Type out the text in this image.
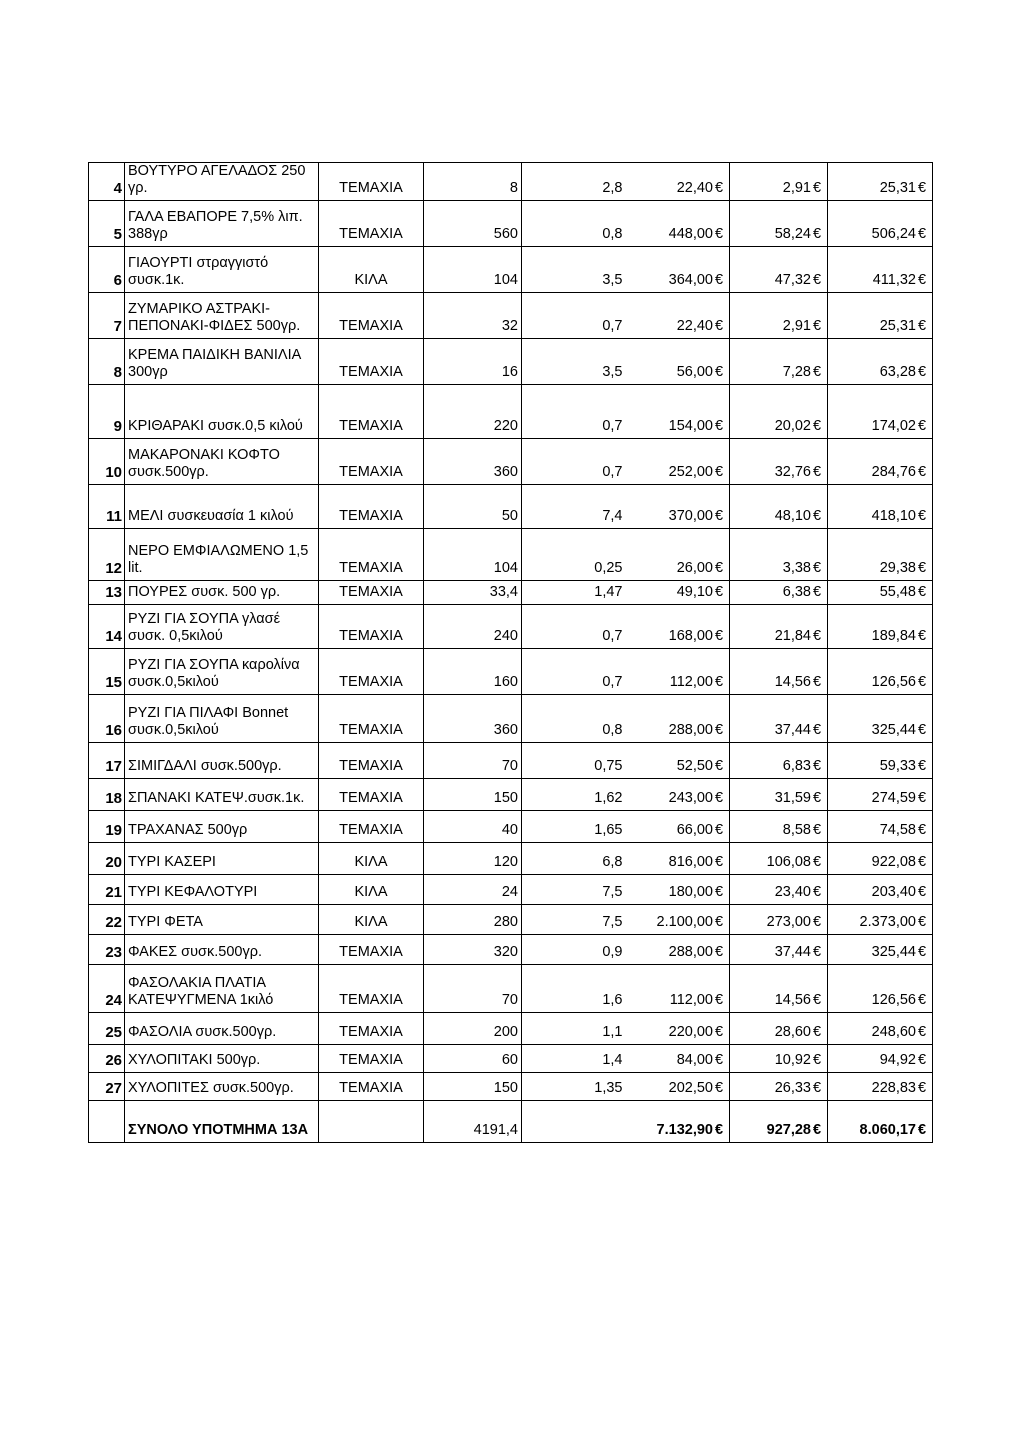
4	ΒΟΥΤΥΡΟ ΑΓΕΛΑΔΟΣ 250 γρ.	ΤΕΜΑΧΙΑ	8	2,8	22,40 €	2,91 €	25,31 €
5	ΓΑΛΑ ΕΒΑΠΟΡΕ 7,5% λιπ. 388γρ	ΤΕΜΑΧΙΑ	560	0,8	448,00 €	58,24 €	506,24 €
6	ΓΙΑΟΥΡΤΙ στραγγιστό συσκ.1κ.	ΚΙΛΑ	104	3,5	364,00 €	47,32 €	411,32 €
7	ΖΥΜΑΡΙΚΟ ΑΣΤΡΑΚΙ-ΠΕΠΟΝΑΚΙ-ΦΙΔΕΣ 500γρ.	ΤΕΜΑΧΙΑ	32	0,7	22,40 €	2,91 €	25,31 €
8	ΚΡΕΜΑ ΠΑΙΔΙΚΗ ΒΑΝΙΛΙΑ 300γρ	ΤΕΜΑΧΙΑ	16	3,5	56,00 €	7,28 €	63,28 €
9	ΚΡΙΘΑΡΑΚΙ συσκ.0,5 κιλού	ΤΕΜΑΧΙΑ	220	0,7	154,00 €	20,02 €	174,02 €
10	ΜΑΚΑΡΟΝΑΚΙ ΚΟΦΤΟ συσκ.500γρ.	ΤΕΜΑΧΙΑ	360	0,7	252,00 €	32,76 €	284,76 €
11	ΜΕΛΙ συσκευασία 1 κιλού	ΤΕΜΑΧΙΑ	50	7,4	370,00 €	48,10 €	418,10 €
12	ΝΕΡΟ ΕΜΦΙΑΛΩΜΕΝΟ 1,5 lit.	ΤΕΜΑΧΙΑ	104	0,25	26,00 €	3,38 €	29,38 €
13	ΠΟΥΡΕΣ συσκ. 500 γρ.	ΤΕΜΑΧΙΑ	33,4	1,47	49,10 €	6,38 €	55,48 €
14	ΡΥΖΙ ΓΙΑ ΣΟΥΠΑ γλασέ συσκ. 0,5κιλού	ΤΕΜΑΧΙΑ	240	0,7	168,00 €	21,84 €	189,84 €
15	ΡΥΖΙ ΓΙΑ ΣΟΥΠΑ καρολίνα συσκ.0,5κιλού	ΤΕΜΑΧΙΑ	160	0,7	112,00 €	14,56 €	126,56 €
16	ΡΥΖΙ ΓΙΑ ΠΙΛΑΦΙ Bonnet συσκ.0,5κιλού	ΤΕΜΑΧΙΑ	360	0,8	288,00 €	37,44 €	325,44 €
17	ΣΙΜΙΓΔΑΛΙ συσκ.500γρ.	ΤΕΜΑΧΙΑ	70	0,75	52,50 €	6,83 €	59,33 €
18	ΣΠΑΝΑΚΙ ΚΑΤΕΨ.συσκ.1κ.	ΤΕΜΑΧΙΑ	150	1,62	243,00 €	31,59 €	274,59 €
19	ΤΡΑΧΑΝΑΣ 500γρ	ΤΕΜΑΧΙΑ	40	1,65	66,00 €	8,58 €	74,58 €
20	ΤΥΡΙ ΚΑΣΕΡΙ	ΚΙΛΑ	120	6,8	816,00 €	106,08 €	922,08 €
21	ΤΥΡΙ ΚΕΦΑΛΟΤΥΡΙ	ΚΙΛΑ	24	7,5	180,00 €	23,40 €	203,40 €
22	ΤΥΡΙ ΦΕΤΑ	ΚΙΛΑ	280	7,5	2.100,00 €	273,00 €	2.373,00 €
23	ΦΑΚΕΣ συσκ.500γρ.	ΤΕΜΑΧΙΑ	320	0,9	288,00 €	37,44 €	325,44 €
24	ΦΑΣΟΛΑΚΙΑ ΠΛΑΤΙΑ ΚΑΤΕΨΥΓΜΕΝΑ 1κιλό	ΤΕΜΑΧΙΑ	70	1,6	112,00 €	14,56 €	126,56 €
25	ΦΑΣΟΛΙΑ συσκ.500γρ.	ΤΕΜΑΧΙΑ	200	1,1	220,00 €	28,60 €	248,60 €
26	ΧΥΛΟΠΙΤΑΚΙ 500γρ.	ΤΕΜΑΧΙΑ	60	1,4	84,00 €	10,92 €	94,92 €
27	ΧΥΛΟΠΙΤΕΣ συσκ.500γρ.	ΤΕΜΑΧΙΑ	150	1,35	202,50 €	26,33 €	228,83 €
	ΣΥΝΟΛΟ ΥΠΟΤΜΗΜΑ 13Α		4191,4		7.132,90 €	927,28 €	8.060,17 €
